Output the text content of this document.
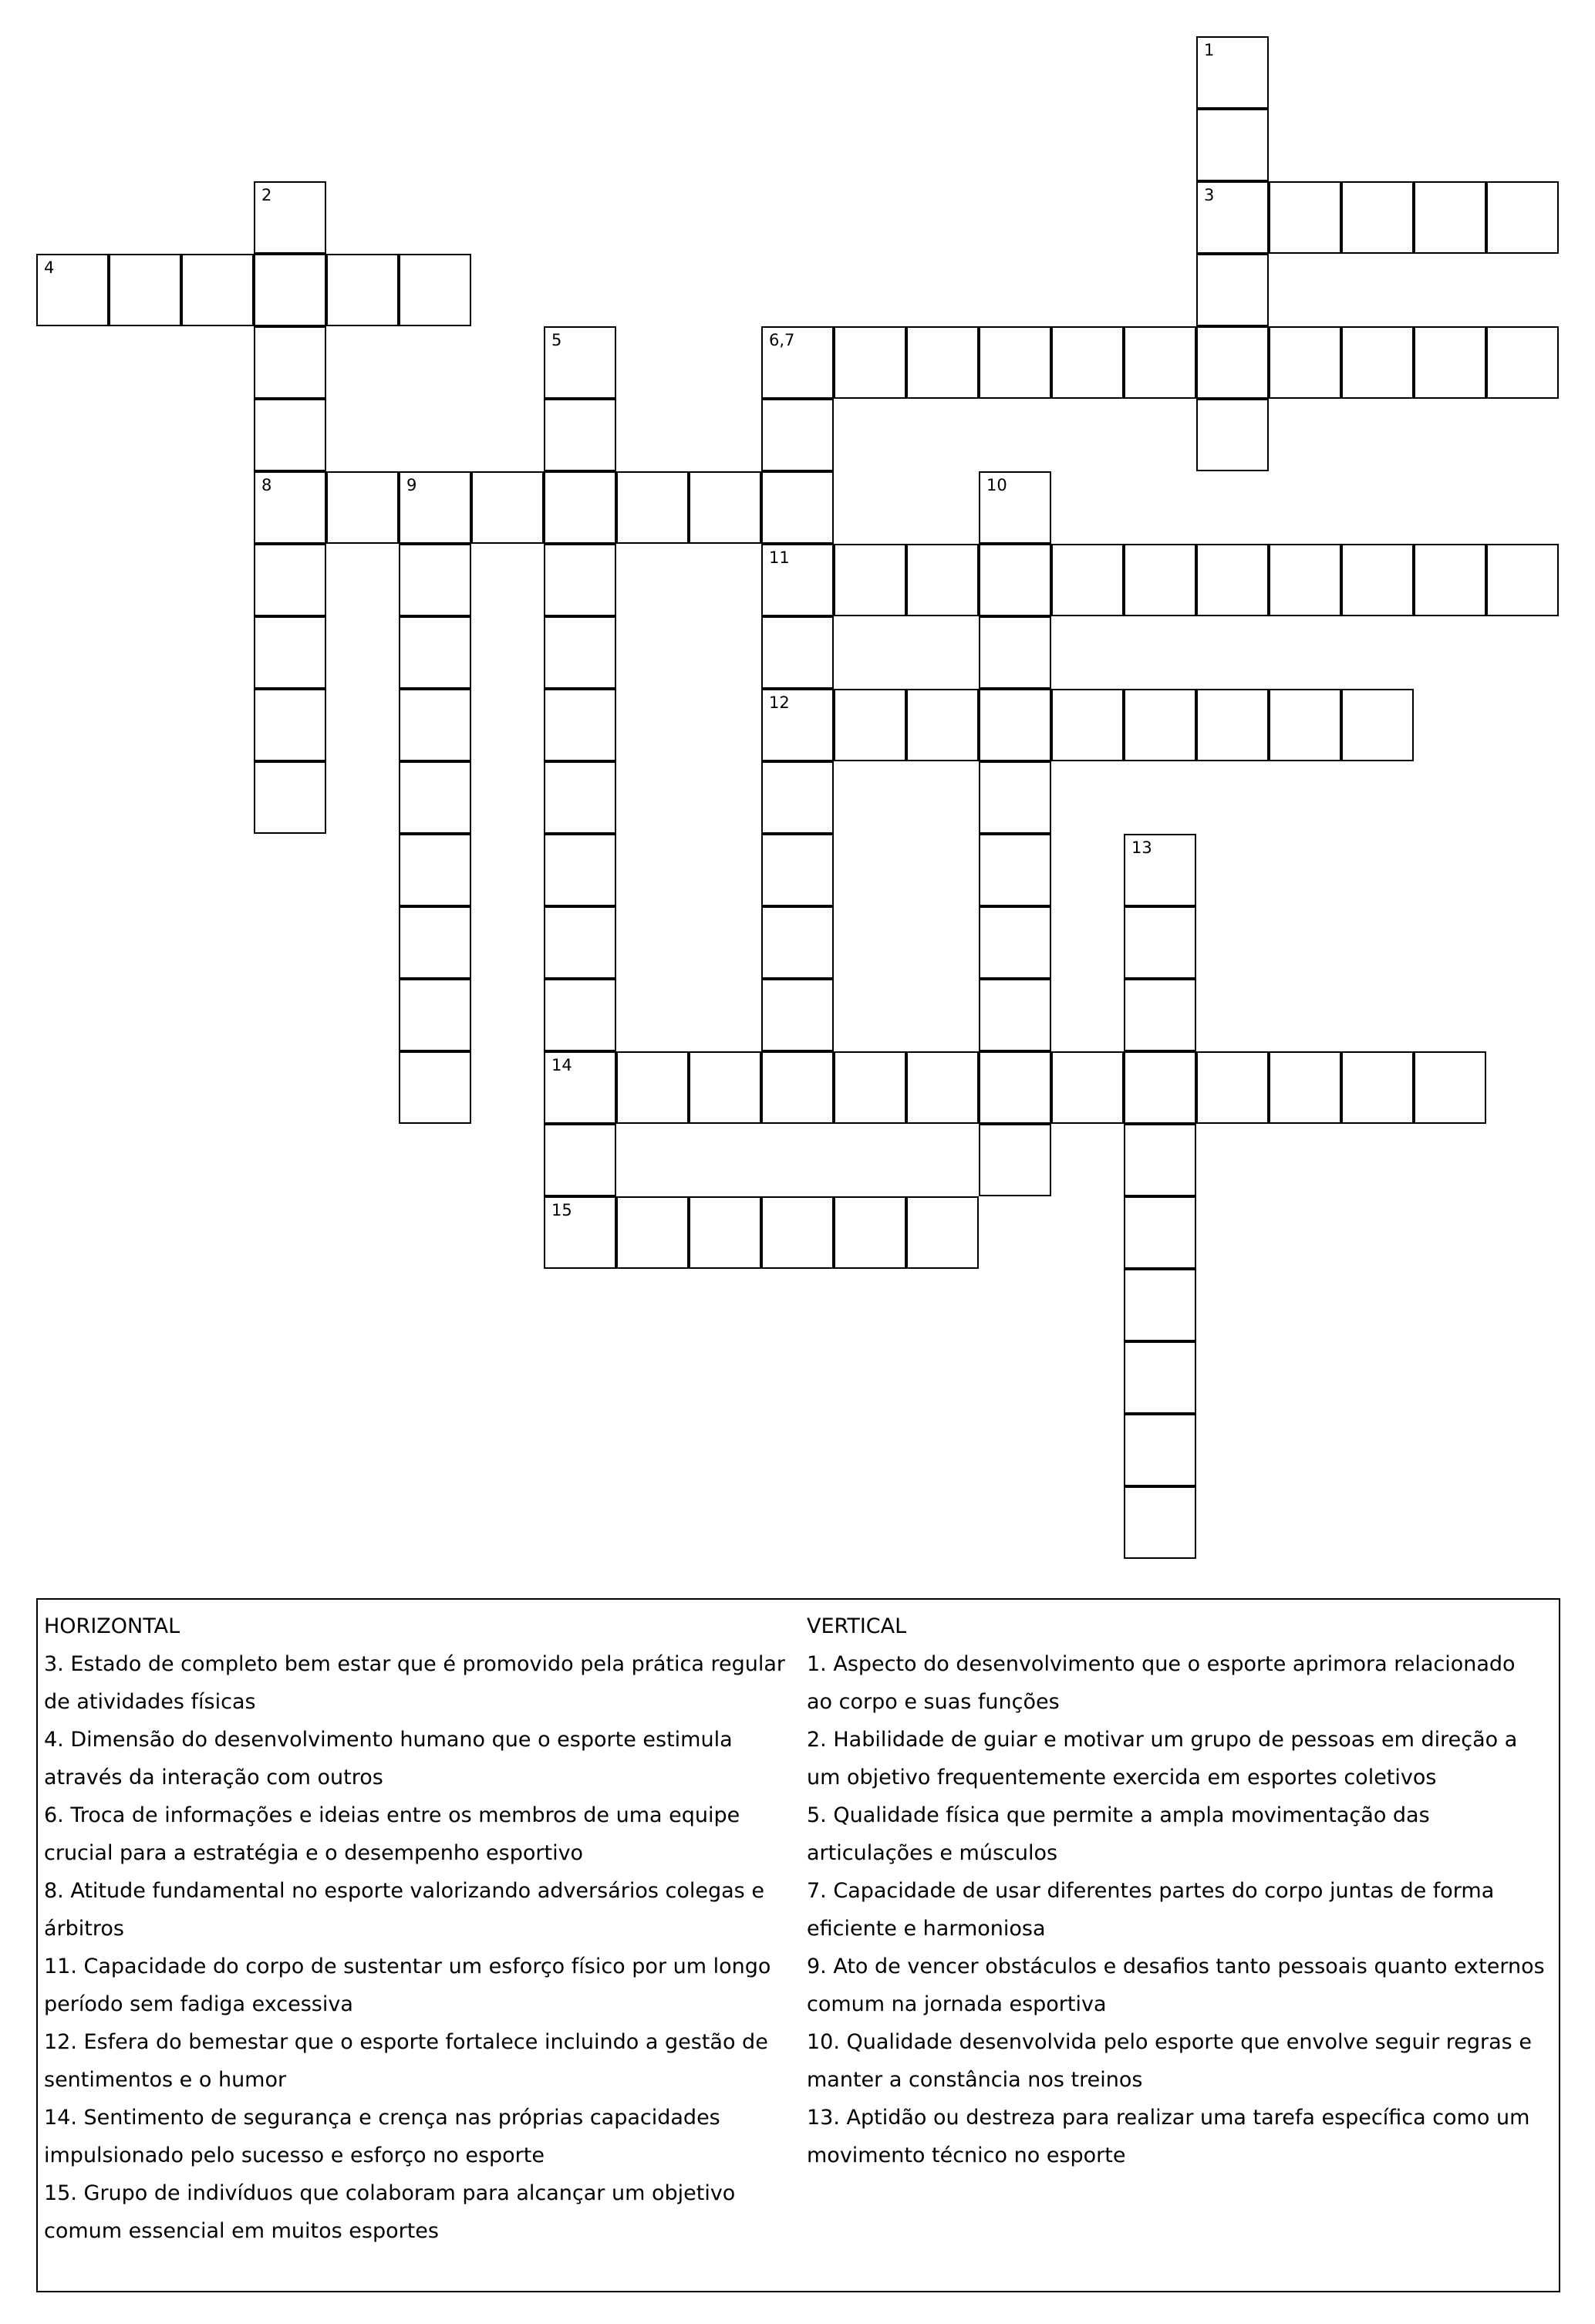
1
3
2
8
4
5
14
6,7
11
12
9	10
13
15
HORIZONTAL
3. Estado de completo bem estar que é promovido pela prática regular de atividades físicas
4. Dimensão do desenvolvimento humano que o esporte estimula através da interação com outros
6. Troca de informações e ideias entre os membros de uma equipe crucial para a estratégia e o desempenho esportivo
8. Atitude fundamental no esporte valorizando adversários colegas e árbitros
11. Capacidade do corpo de sustentar um esforço físico por um longo período sem fadiga excessiva
12. Esfera do bemestar que o esporte fortalece incluindo a gestão de sentimentos e o humor
14. Sentimento de segurança e crença nas próprias capacidades impulsionado pelo sucesso e esforço no esporte
15. Grupo de indivíduos que colaboram para alcançar um objetivo comum essencial em muitos esportes
VERTICAL
1. Aspecto do desenvolvimento que o esporte aprimora relacionado ao corpo e suas funções
2. Habilidade de guiar e motivar um grupo de pessoas em direção a um objetivo frequentemente exercida em esportes coletivos
5. Qualidade física que permite a ampla movimentação das articulações e músculos
7. Capacidade de usar diferentes partes do corpo juntas de forma eficiente e harmoniosa
9. Ato de vencer obstáculos e desafios tanto pessoais quanto externos comum na jornada esportiva
10. Qualidade desenvolvida pelo esporte que envolve seguir regras e manter a constância nos treinos
13. Aptidão ou destreza para realizar uma tarefa específica como um movimento técnico no esporte
